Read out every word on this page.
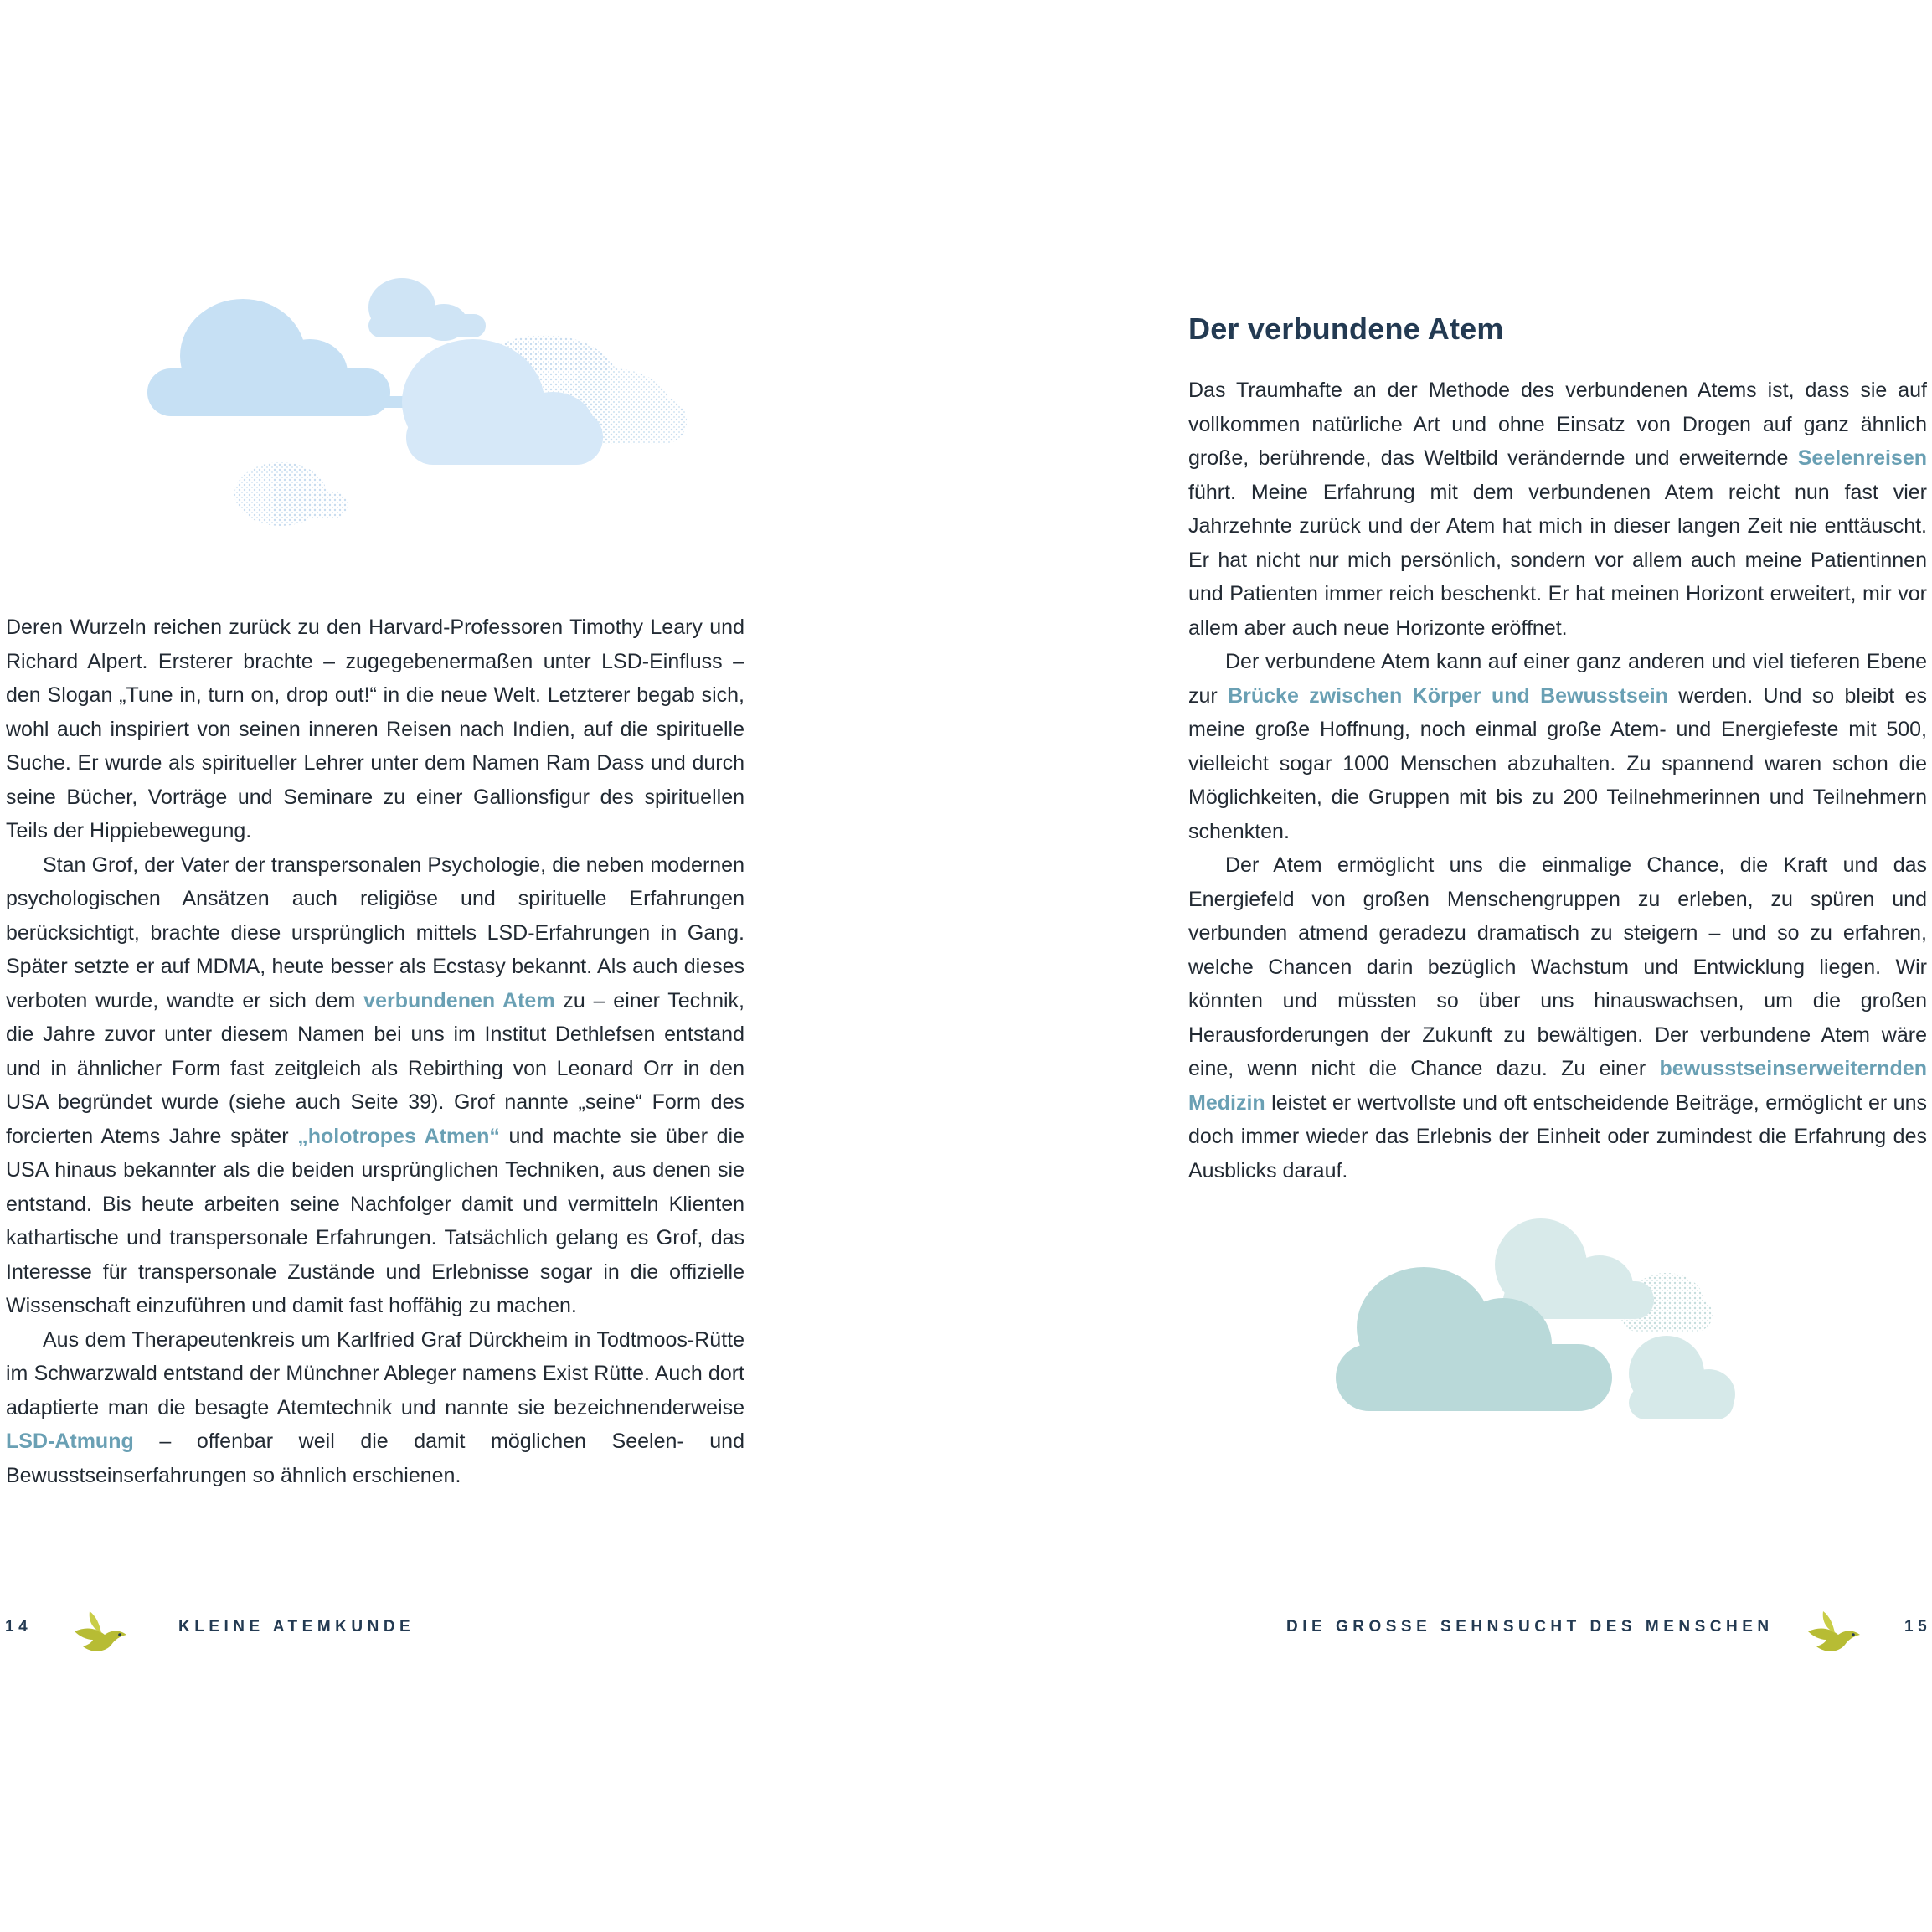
Deren Wurzeln reichen zurück zu den Harvard-Professoren Timothy Leary und Richard Alpert. Ersterer brachte – zugegebenermaßen unter LSD-Einfluss – den Slogan „Tune in, turn on, drop out!“ in die neue Welt. Letzterer begab sich, wohl auch inspiriert von seinen inneren Reisen nach Indien, auf die spirituelle Suche. Er wurde als spiritueller Lehrer unter dem Namen Ram Dass und durch seine Bücher, Vorträge und Seminare zu einer Gallionsfigur des spirituellen Teils der Hippiebewegung.

Stan Grof, der Vater der transpersonalen Psychologie, die neben modernen psychologischen Ansätzen auch religiöse und spirituelle Erfahrungen berücksichtigt, brachte diese ursprünglich mittels LSD-Erfahrungen in Gang. Später setzte er auf MDMA, heute besser als Ecstasy bekannt. Als auch dieses verboten wurde, wandte er sich dem verbundenen Atem zu – einer Technik, die Jahre zuvor unter diesem Namen bei uns im Institut Dethlefsen entstand und in ähnlicher Form fast zeitgleich als Rebirthing von Leonard Orr in den USA begründet wurde (siehe auch Seite 39). Grof nannte „seine“ Form des forcierten Atems Jahre später „holotropes Atmen“ und machte sie über die USA hinaus bekannter als die beiden ursprünglichen Techniken, aus denen sie entstand. Bis heute arbeiten seine Nachfolger damit und vermitteln Klienten kathartische und transpersonale Erfahrungen. Tatsächlich gelang es Grof, das Interesse für transpersonale Zustände und Erlebnisse sogar in die offizielle Wissenschaft einzuführen und damit fast hoffähig zu machen.

Aus dem Therapeutenkreis um Karlfried Graf Dürckheim in Todtmoos-Rütte im Schwarzwald entstand der Münchner Ableger namens Exist Rütte. Auch dort adaptierte man die besagte Atemtechnik und nannte sie bezeichnenderweise LSD-Atmung – offenbar weil die damit möglichen Seelen- und Bewusstseinserfahrungen so ähnlich erschienen.

14	KLEINE ATEMKUNDE
Der verbundene Atem

Das Traumhafte an der Methode des verbundenen Atems ist, dass sie auf vollkommen natürliche Art und ohne Einsatz von Drogen auf ganz ähnlich große, berührende, das Weltbild verändernde und erweiternde Seelenreisen führt. Meine Erfahrung mit dem verbundenen Atem reicht nun fast vier Jahrzehnte zurück und der Atem hat mich in dieser langen Zeit nie enttäuscht. Er hat nicht nur mich persönlich, sondern vor allem auch meine Patientinnen und Patienten immer reich beschenkt. Er hat meinen Horizont erweitert, mir vor allem aber auch neue Horizonte eröffnet.

Der verbundene Atem kann auf einer ganz anderen und viel tieferen Ebene zur Brücke zwischen Körper und Bewusstsein werden. Und so bleibt es meine große Hoffnung, noch einmal große Atem- und Energiefeste mit 500, vielleicht sogar 1000 Menschen abzuhalten. Zu spannend waren schon die Möglichkeiten, die Gruppen mit bis zu 200 Teilnehmerinnen und Teilnehmern schenkten.

Der Atem ermöglicht uns die einmalige Chance, die Kraft und das Energiefeld von großen Menschengruppen zu erleben, zu spüren und verbunden atmend geradezu dramatisch zu steigern – und so zu erfahren, welche Chancen darin bezüglich Wachstum und Entwicklung liegen. Wir könnten und müssten so über uns hinauswachsen, um die großen Herausforderungen der Zukunft zu bewältigen. Der verbundene Atem wäre eine, wenn nicht die Chance dazu. Zu einer bewusstseinserweiternden Medizin leistet er wertvollste und oft entscheidende Beiträge, ermöglicht er uns doch immer wieder das Erlebnis der Einheit oder zumindest die Erfahrung des Ausblicks darauf.

DIE GROSSE SEHNSUCHT DES MENSCHEN	15
